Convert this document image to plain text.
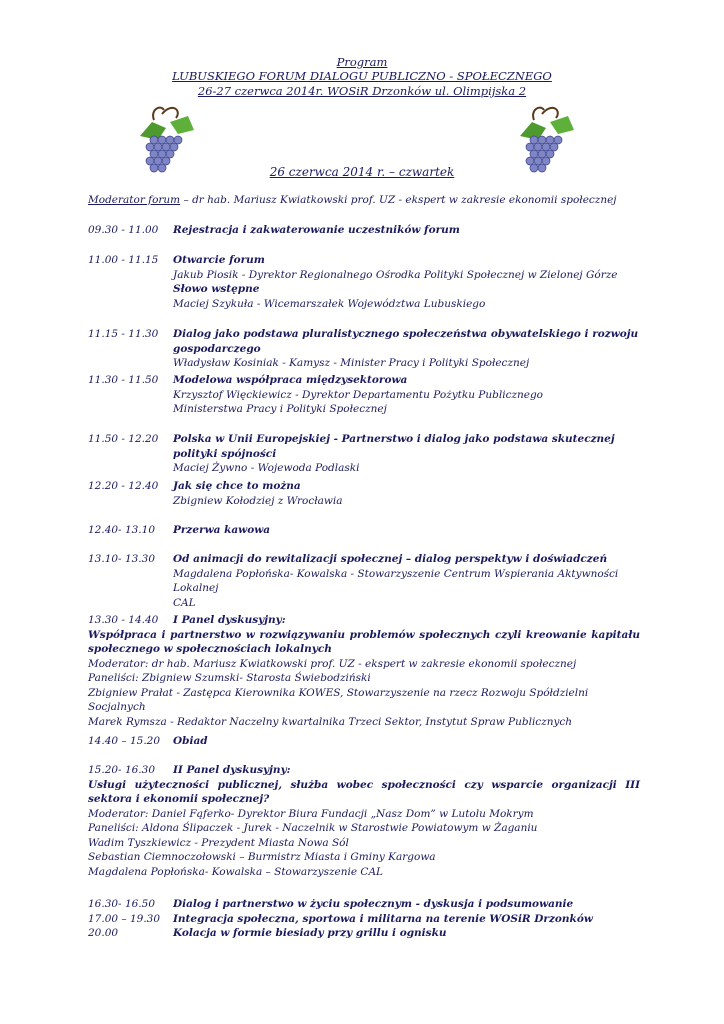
Program
LUBUSKIEGO FORUM DIALOGU PUBLICZNO - SPOŁECZNEGO
26-27 czerwca 2014r. WOSiR Drzonków ul. Olimpijska 2
26 czerwca 2014 r. – czwartek
Moderator forum – dr hab. Mariusz Kwiatkowski prof. UZ - ekspert w zakresie ekonomii społecznej
09.30 - 11.00	Rejestracja i zakwaterowanie uczestników forum
11.00 - 11.15	Otwarcie forum
Jakub Piosik - Dyrektor Regionalnego Ośrodka Polityki Społecznej w Zielonej Górze
Słowo wstępne
Maciej Szykuła - Wicemarszałek Województwa Lubuskiego
11.15 - 11.30	Dialog jako podstawa pluralistycznego społeczeństwa obywatelskiego i rozwoju gospodarczego
Władysław Kosiniak - Kamysz - Minister Pracy i Polityki Społecznej
11.30 - 11.50	Modelowa współpraca międzysektorowa
Krzysztof Więckiewicz - Dyrektor Departamentu Pożytku Publicznego
Ministerstwa Pracy i Polityki Społecznej
11.50 - 12.20	Polska w Unii Europejskiej - Partnerstwo i dialog jako podstawa skutecznej polityki spójności
Maciej Żywno - Wojewoda Podlaski
12.20 - 12.40	Jak się chce to można
Zbigniew Kołodziej z Wrocławia
12.40- 13.10	Przerwa kawowa
13.10- 13.30	Od animacji do rewitalizacji społecznej – dialog perspektyw i doświadczeń
Magdalena Popłońska- Kowalska - Stowarzyszenie Centrum Wspierania Aktywności Lokalnej
CAL
13.30 - 14.40 I Panel dyskusyjny:
Współpraca i partnerstwo w rozwiązywaniu problemów społecznych czyli kreowanie kapitału społecznego w społecznościach lokalnych
Moderator: dr hab. Mariusz Kwiatkowski prof. UZ - ekspert w zakresie ekonomii społecznej
Paneliści: Zbigniew Szumski- Starosta Świebodziński
Zbigniew Prałat - Zastępca Kierownika KOWES, Stowarzyszenie na rzecz Rozwoju Spółdzielni Socjalnych
Marek Rymsza - Redaktor Naczelny kwartalnika Trzeci Sektor, Instytut Spraw Publicznych
14.40 – 15.20	Obiad
15.20- 16.30 II Panel dyskusyjny:
Usługi użyteczności publicznej, służba wobec społeczności czy wsparcie organizacji III sektora i ekonomii społecznej?
Moderator: Daniel Fąferko- Dyrektor Biura Fundacji „Nasz Dom” w Lutolu Mokrym
Paneliści: Aldona Ślipaczek - Jurek - Naczelnik w Starostwie Powiatowym w Żaganiu
Wadim Tyszkiewicz - Prezydent Miasta Nowa Sól
Sebastian Ciemnoczołowski – Burmistrz Miasta i Gminy Kargowa
Magdalena Popłońska- Kowalska – Stowarzyszenie CAL
16.30- 16.50 Dialog i partnerstwo w życiu społecznym - dyskusja i podsumowanie
17.00 – 19.30 Integracja społeczna, sportowa i militarna na terenie WOSiR Drzonków
20.00	Kolacja w formie biesiady przy grillu i ognisku
